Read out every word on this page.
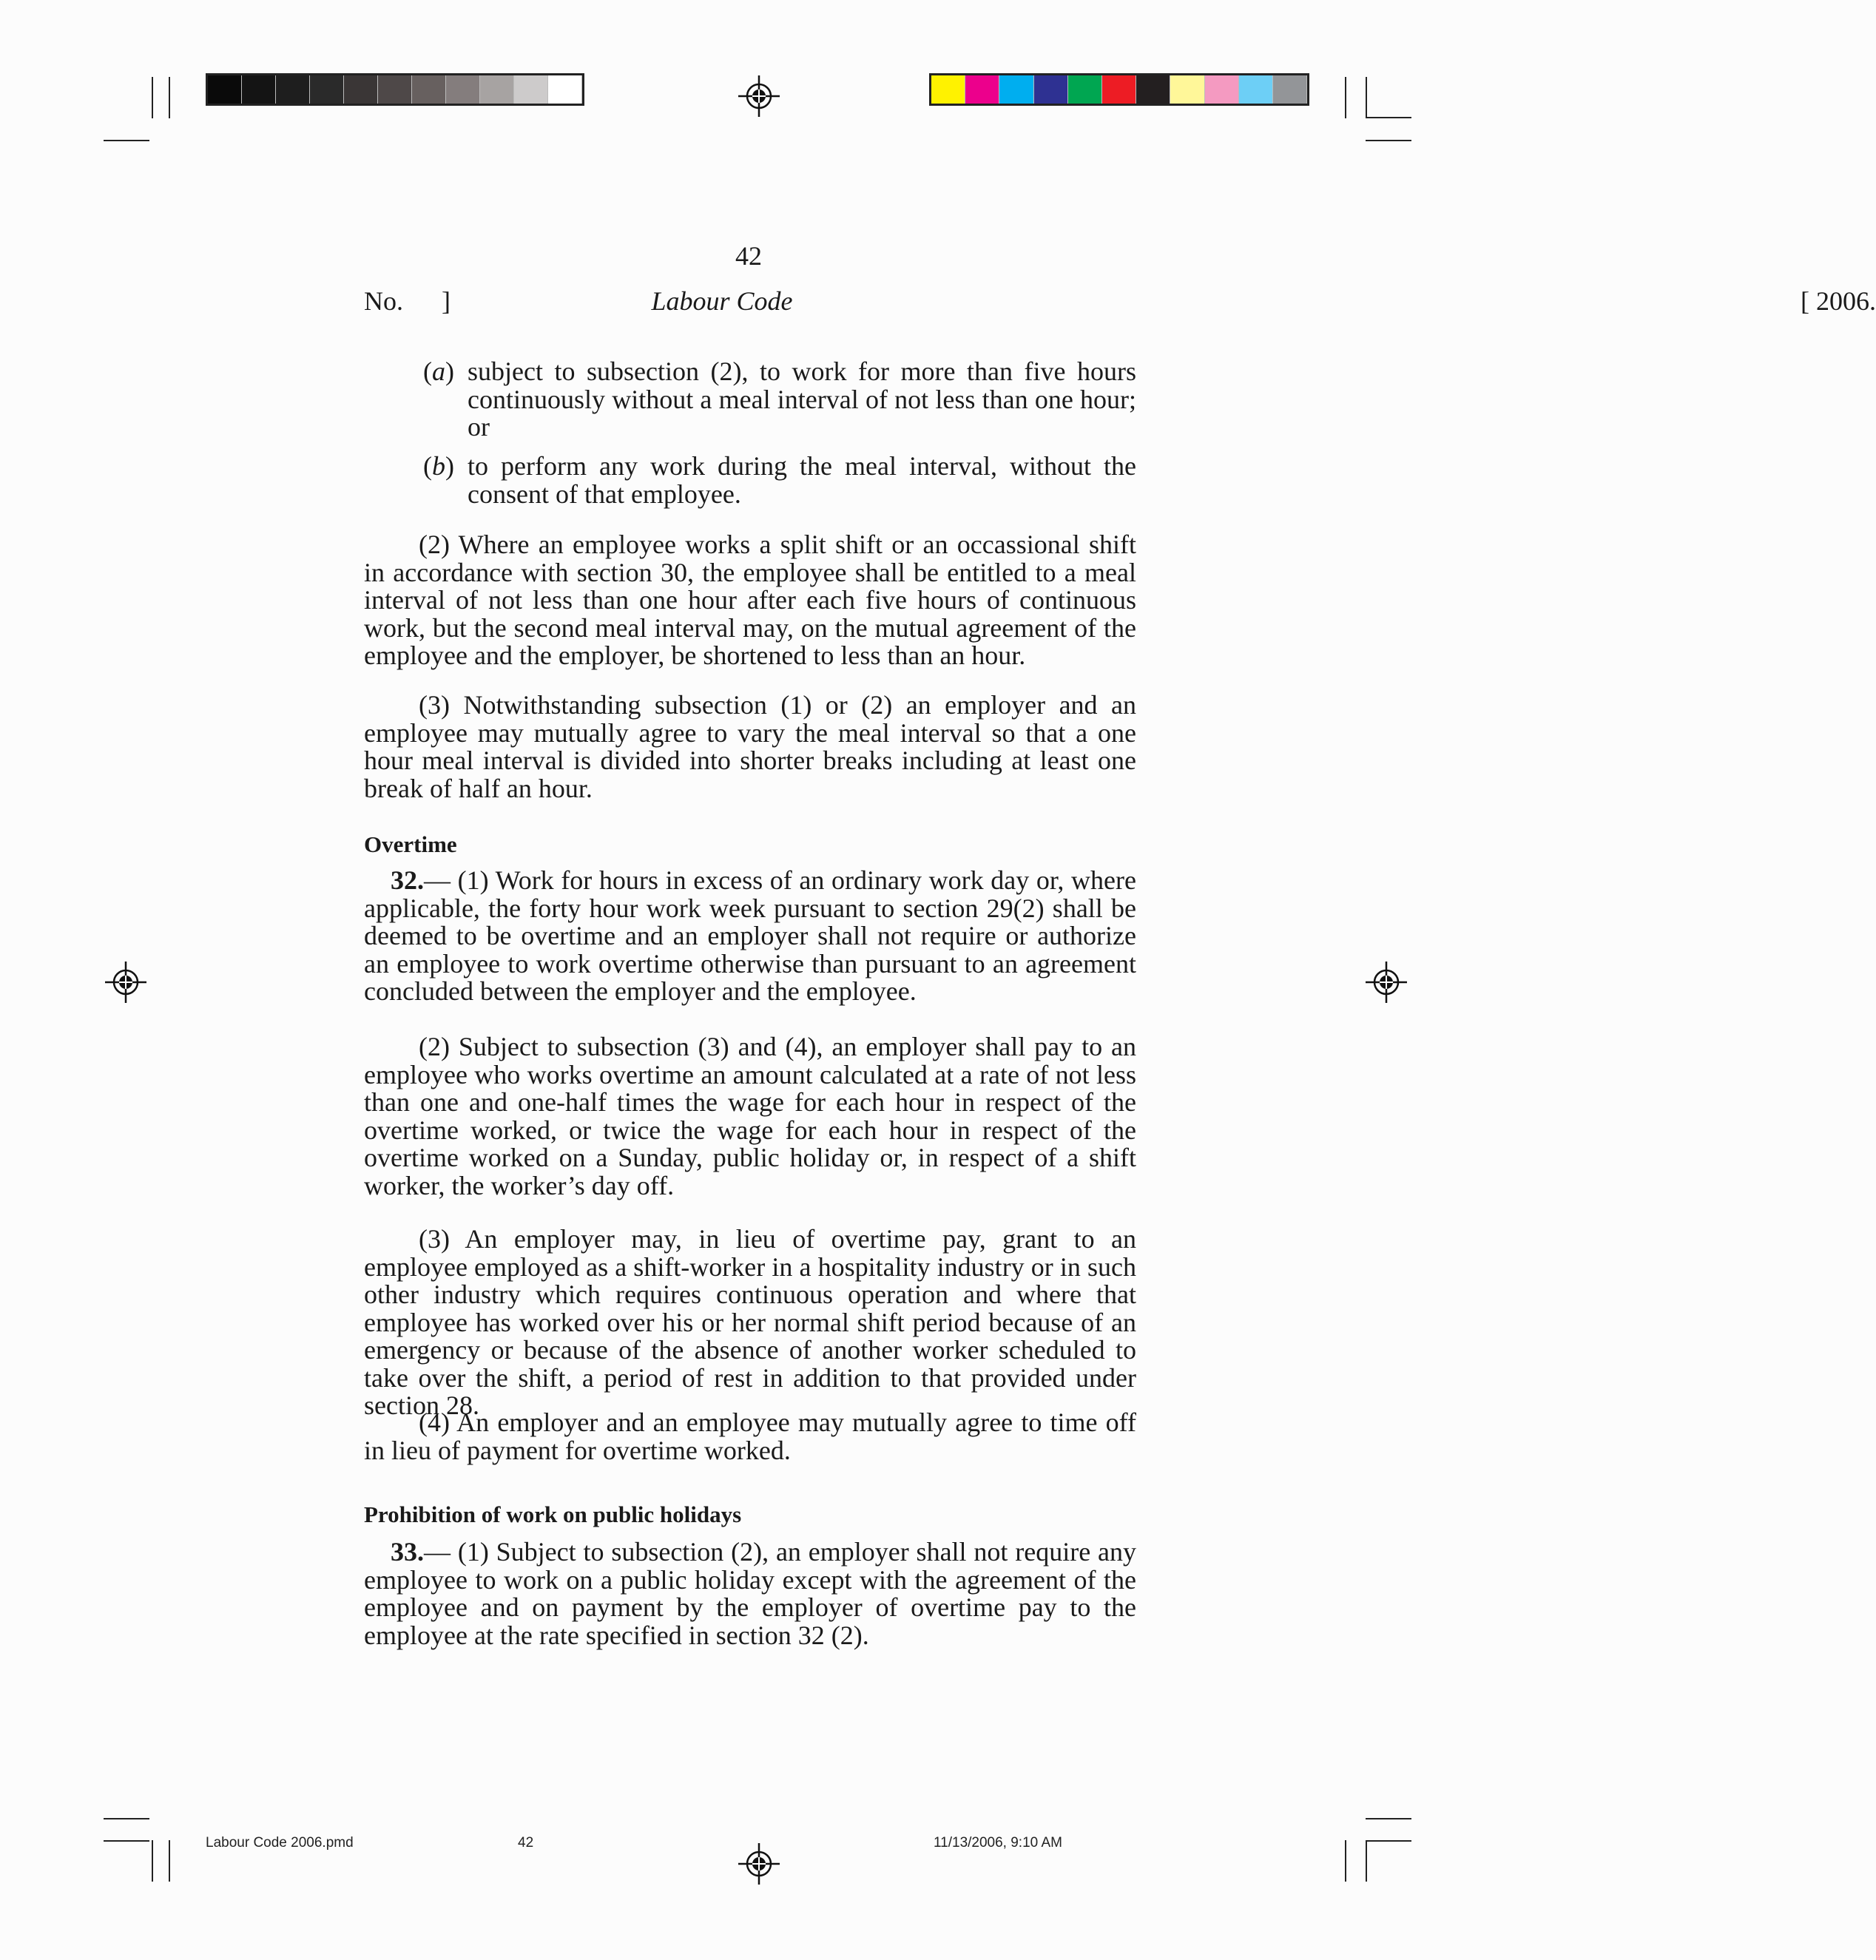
42
No. ]	Labour Code	[ 2006.
(a) subject to subsection (2), to work for more than five hours continuously without a meal interval of not less than one hour; or
(b) to perform any work during the meal interval, without the consent of that employee.
(2) Where an employee works a split shift or an occassional shift in accordance with section 30, the employee shall be entitled to a meal interval of not less than one hour after each five hours of continuous work, but the second meal interval may, on the mutual agreement of the employee and the employer, be shortened to less than an hour.
(3) Notwithstanding subsection (1) or (2) an employer and an employee may mutually agree to vary the meal interval so that a one hour meal interval is divided into shorter breaks including at least one break of half an hour.
Overtime
32.— (1) Work for hours in excess of an ordinary work day or, where applicable, the forty hour work week pursuant to section 29(2) shall be deemed to be overtime and an employer shall not require or authorize an employee to work overtime otherwise than pursuant to an agreement concluded between the employer and the employee.
(2) Subject to subsection (3) and (4), an employer shall pay to an employee who works overtime an amount calculated at a rate of not less than one and one-half times the wage for each hour in respect of the overtime worked, or twice the wage for each hour in respect of the overtime worked on a Sunday, public holiday or, in respect of a shift worker, the worker’s day off.
(3) An employer may, in lieu of overtime pay, grant to an employee employed as a shift-worker in a hospitality industry or in such other industry which requires continuous operation and where that employee has worked over his or her normal shift period because of an emergency or because of the absence of another worker scheduled to take over the shift, a period of rest in addition to that provided under section 28.
(4) An employer and an employee may mutually agree to time off in lieu of payment for overtime worked.
Prohibition of work on public holidays
33.— (1) Subject to subsection (2), an employer shall not require any employee to work on a public holiday except with the agreement of the employee and on payment by the employer of overtime pay to the employee at the rate specified in section 32 (2).
Labour Code 2006.pmd	42	11/13/2006, 9:10 AM
